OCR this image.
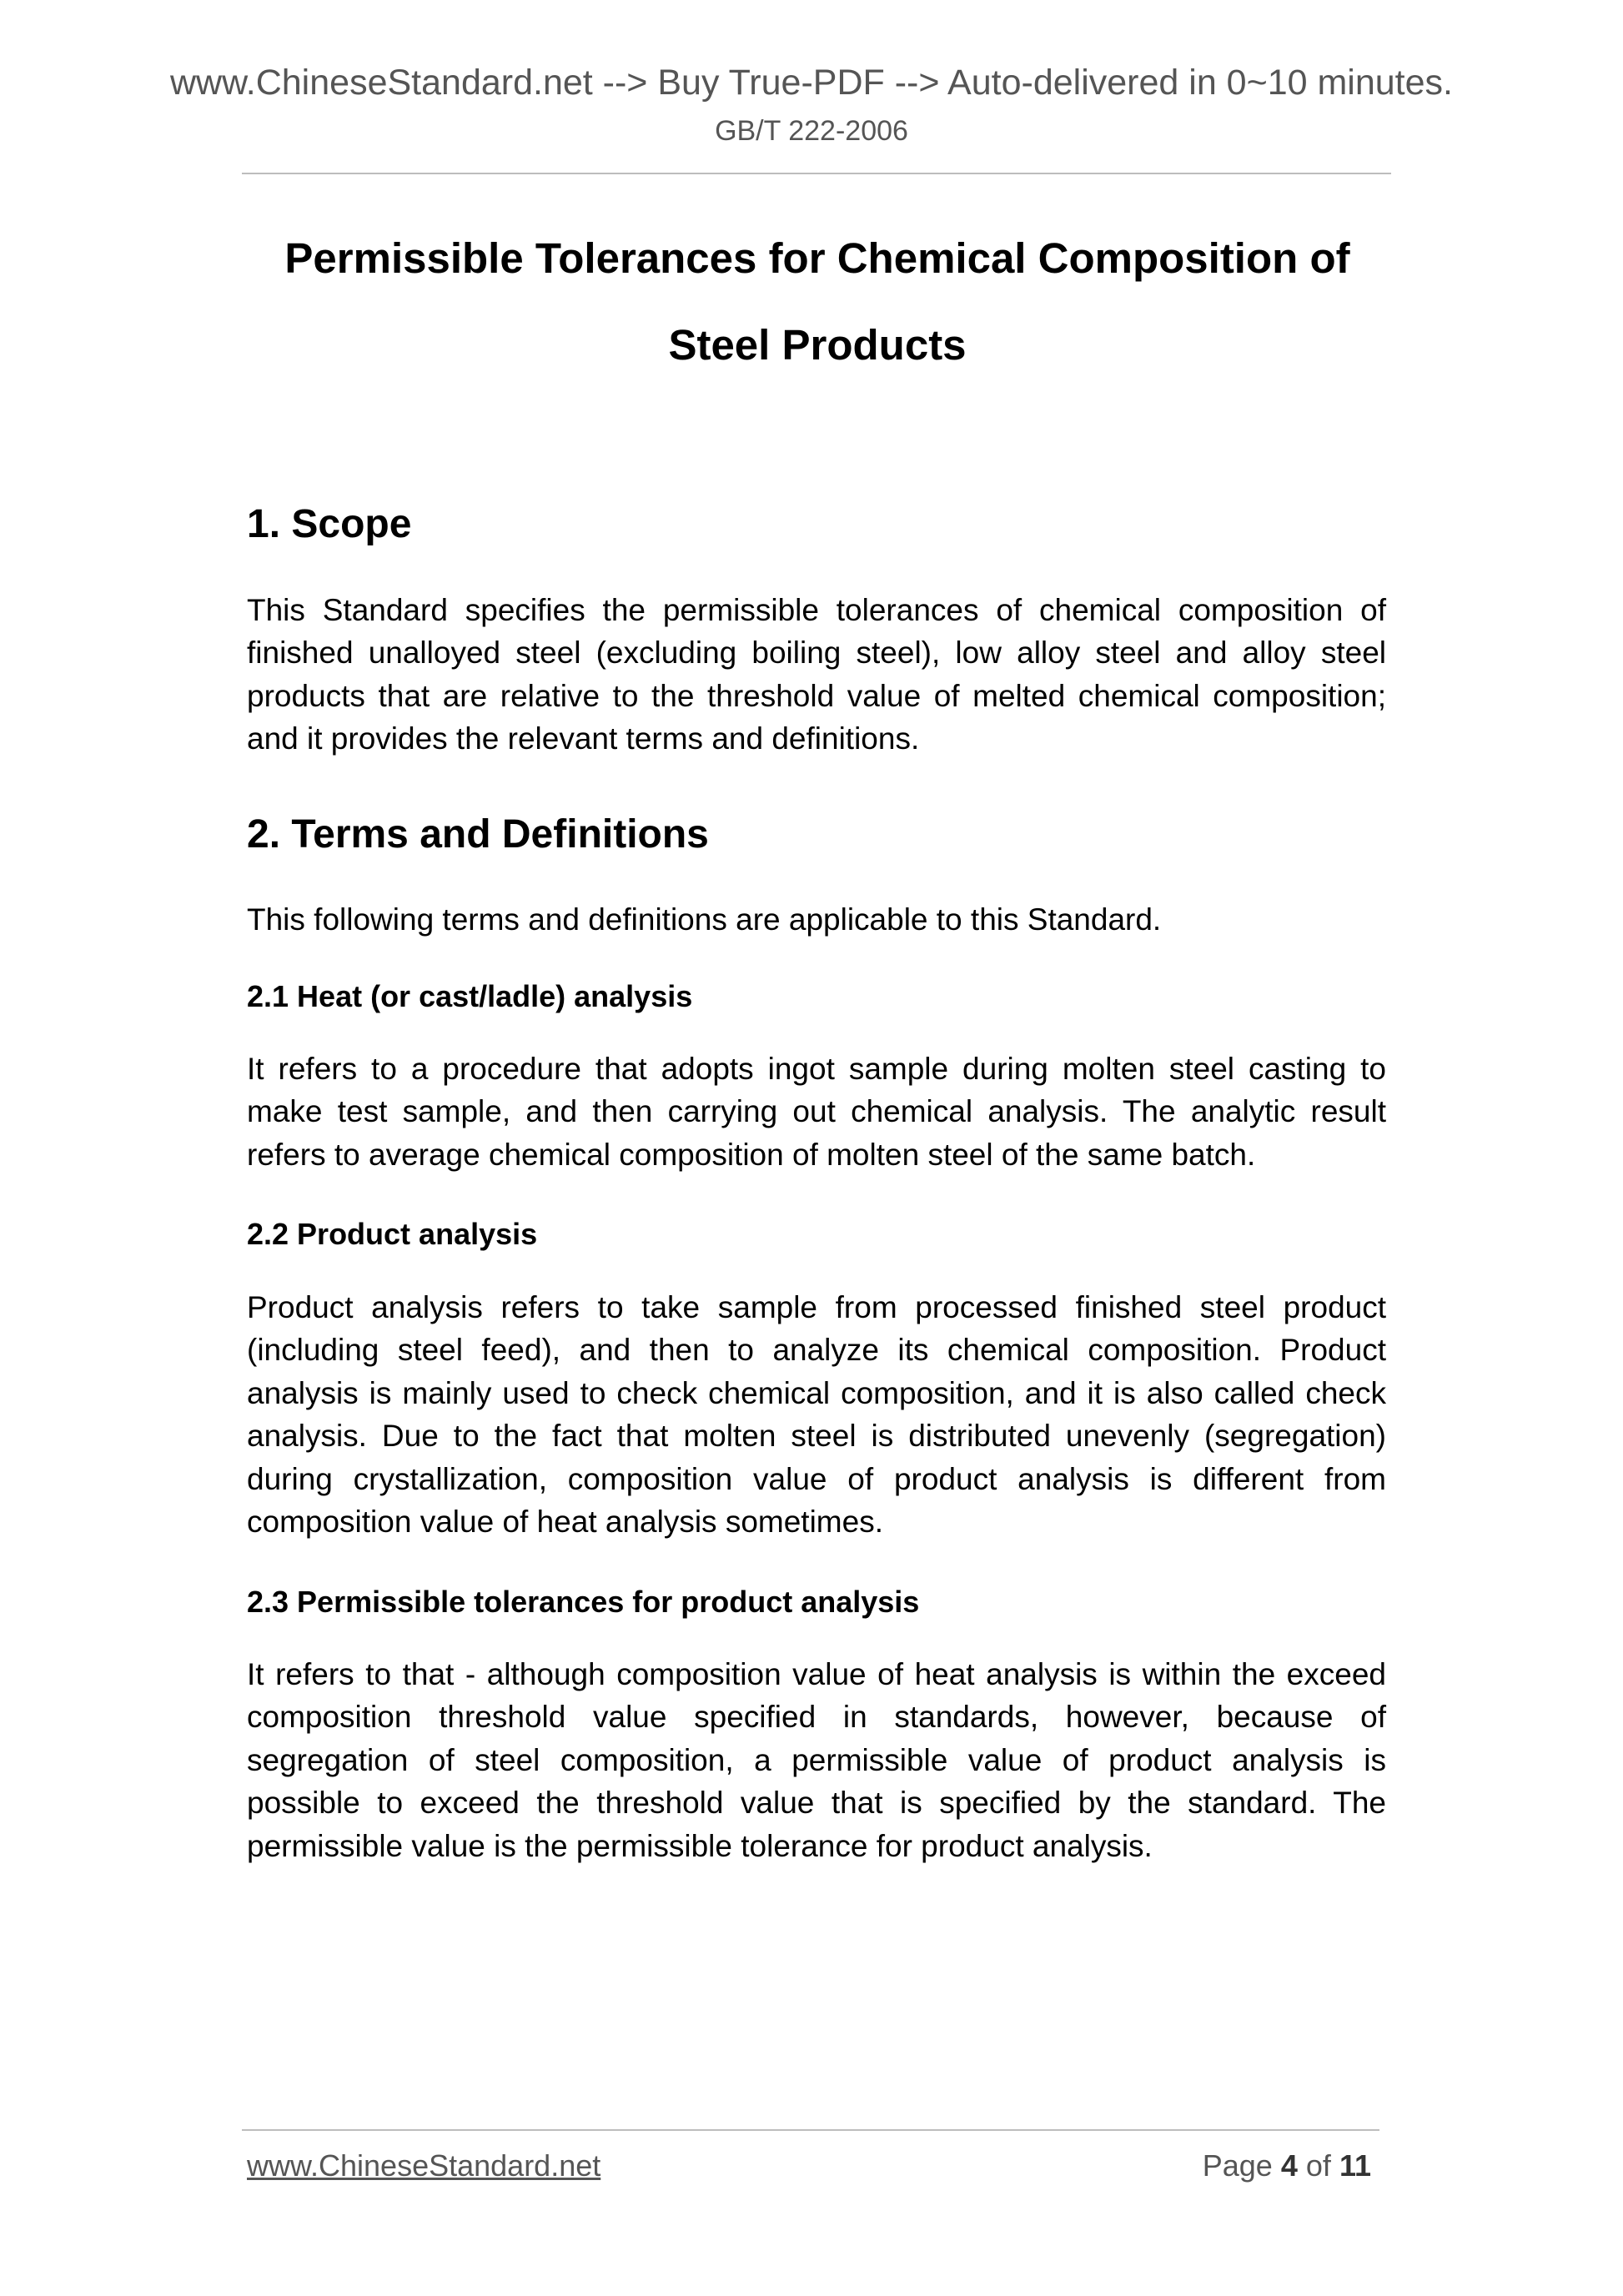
www.ChineseStandard.net --> Buy True-PDF --> Auto-delivered in 0~10 minutes.
GB/T 222-2006
Permissible Tolerances for Chemical Composition of
Steel Products
1. Scope

This Standard specifies the permissible tolerances of chemical composition of finished unalloyed steel (excluding boiling steel), low alloy steel and alloy steel products that are relative to the threshold value of melted chemical composition; and it provides the relevant terms and definitions.

2. Terms and Definitions

This following terms and definitions are applicable to this Standard.

2.1 Heat (or cast/ladle) analysis

It refers to a procedure that adopts ingot sample during molten steel casting to make test sample, and then carrying out chemical analysis. The analytic result refers to average chemical composition of molten steel of the same batch.

2.2 Product analysis

Product analysis refers to take sample from processed finished steel product (including steel feed), and then to analyze its chemical composition. Product analysis is mainly used to check chemical composition, and it is also called check analysis. Due to the fact that molten steel is distributed unevenly (segregation) during crystallization, composition value of product analysis is different from composition value of heat analysis sometimes.

2.3 Permissible tolerances for product analysis

It refers to that - although composition value of heat analysis is within the exceed composition threshold value specified in standards, however, because of segregation of steel composition, a permissible value of product analysis is possible to exceed the threshold value that is specified by the standard. The permissible value is the permissible tolerance for product analysis.

www.ChineseStandard.net	Page 4 of 11
